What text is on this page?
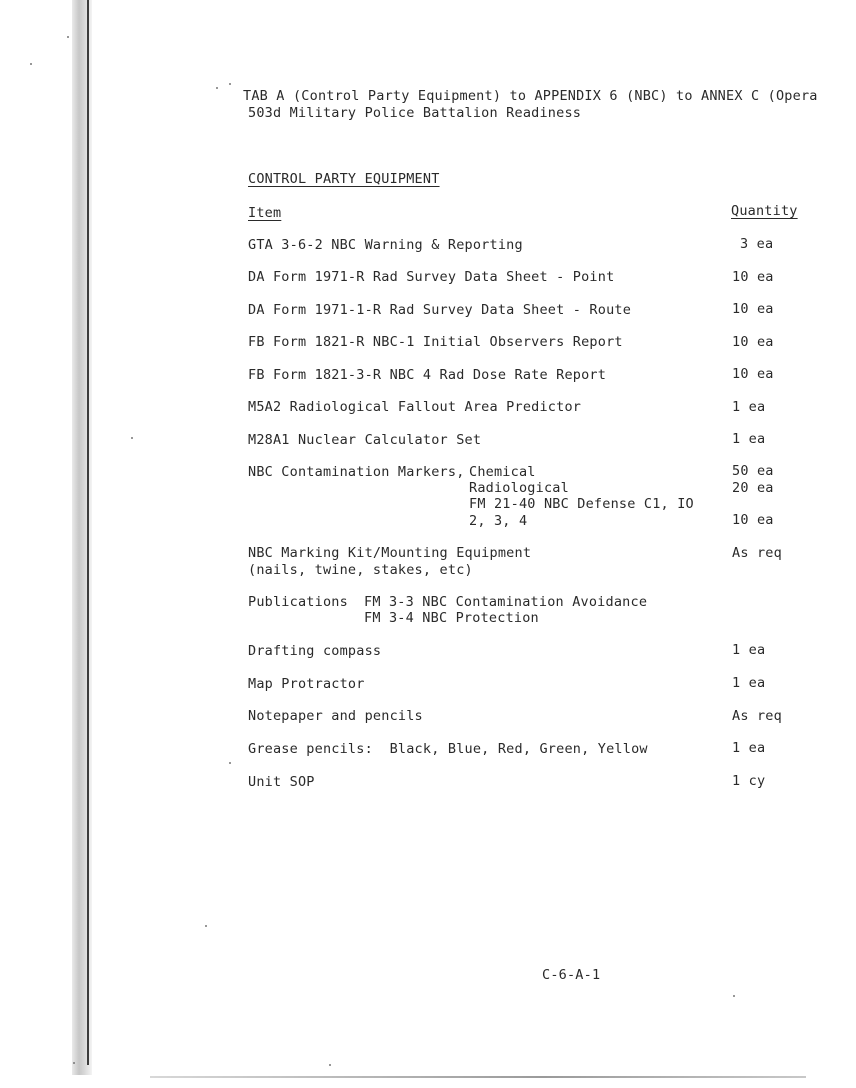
TAB A (Control Party Equipment) to APPENDIX 6 (NBC) to ANNEX C (Opera
503d Military Police Battalion Readiness
CONTROL PARTY EQUIPMENT
Item	Quantity
GTA 3-6-2 NBC Warning & Reporting	3 ea
DA Form 1971-R Rad Survey Data Sheet - Point	10 ea
DA Form 1971-1-R Rad Survey Data Sheet - Route	10 ea
FB Form 1821-R NBC-1 Initial Observers Report	10 ea
FB Form 1821-3-R NBC 4 Rad Dose Rate Report	10 ea
M5A2 Radiological Fallout Area Predictor	1 ea
M28A1 Nuclear Calculator Set	1 ea
NBC Contamination Markers, Chemical	50 ea
Radiological	20 ea
FM 21-40 NBC Defense C1, IO
2, 3, 4	10 ea
NBC Marking Kit/Mounting Equipment	As req
(nails, twine, stakes, etc)
Publications FM 3-3 NBC Contamination Avoidance
FM 3-4 NBC Protection
Drafting compass	1 ea
Map Protractor	1 ea
Notepaper and pencils	As req
Grease pencils:  Black, Blue, Red, Green, Yellow	1 ea
Unit SOP	1 cy
C-6-A-1
